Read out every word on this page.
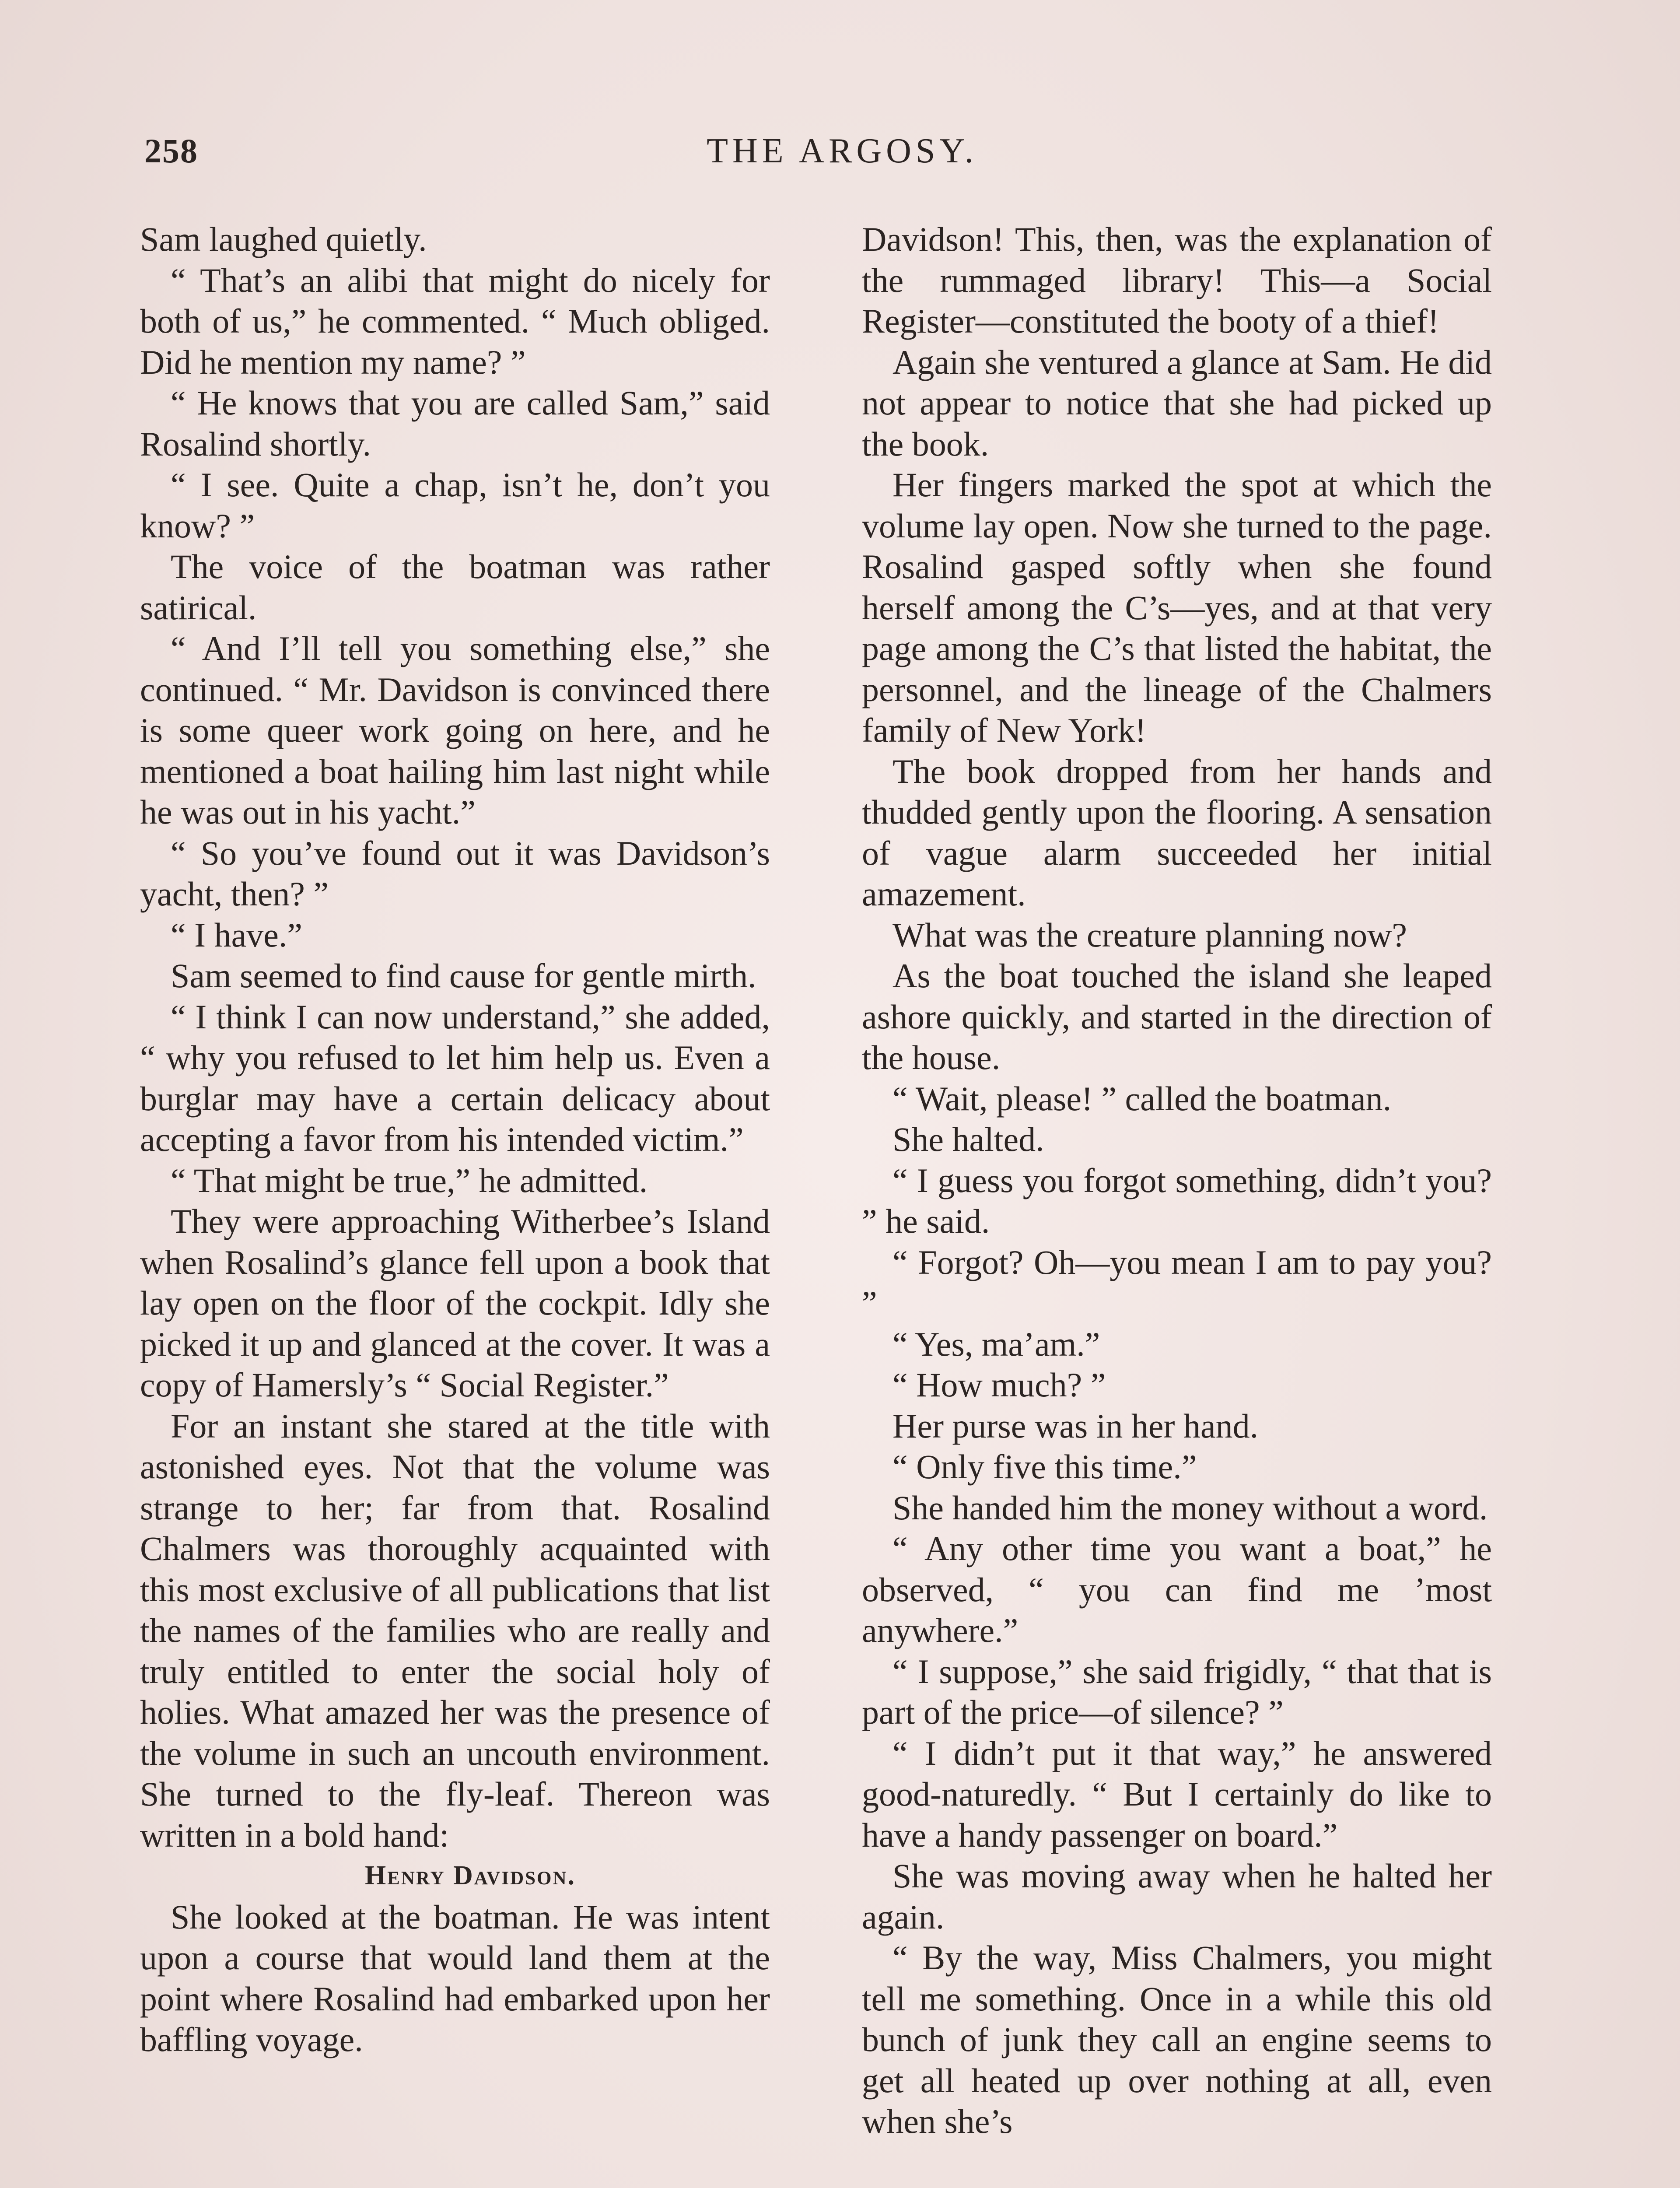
258	THE ARGOSY.

Sam laughed quietly.

“ That’s an alibi that might do nicely for both of us,” he commented. “ Much obliged. Did he mention my name? ”

“ He knows that you are called Sam,” said Rosalind shortly.

“ I see. Quite a chap, isn’t he, don’t you know? ”

The voice of the boatman was rather satirical.

“ And I’ll tell you something else,” she continued. “ Mr. Davidson is convinced there is some queer work going on here, and he mentioned a boat hailing him last night while he was out in his yacht.”

“ So you’ve found out it was Davidson’s yacht, then? ”

“ I have.”

Sam seemed to find cause for gentle mirth.

“ I think I can now understand,” she added, “ why you refused to let him help us. Even a burglar may have a certain delicacy about accepting a favor from his intended victim.”

“ That might be true,” he admitted.

They were approaching Witherbee’s Island when Rosalind’s glance fell upon a book that lay open on the floor of the cockpit. Idly she picked it up and glanced at the cover. It was a copy of Hamersly’s “ Social Register.”

For an instant she stared at the title with astonished eyes. Not that the volume was strange to her; far from that. Rosalind Chalmers was thoroughly acquainted with this most exclusive of all publications that list the names of the families who are really and truly entitled to enter the social holy of holies. What amazed her was the presence of the volume in such an uncouth environment. She turned to the fly-leaf. Thereon was written in a bold hand:

Henry Davidson.

She looked at the boatman. He was intent upon a course that would land them at the point where Rosalind had embarked upon her baffling voyage.

Davidson! This, then, was the explanation of the rummaged library! This—a Social Register—constituted the booty of a thief!

Again she ventured a glance at Sam. He did not appear to notice that she had picked up the book.

Her fingers marked the spot at which the volume lay open. Now she turned to the page. Rosalind gasped softly when she found herself among the C’s—yes, and at that very page among the C’s that listed the habitat, the personnel, and the lineage of the Chalmers family of New York!

The book dropped from her hands and thudded gently upon the flooring. A sensation of vague alarm succeeded her initial amazement.

What was the creature planning now?

As the boat touched the island she leaped ashore quickly, and started in the direction of the house.

“ Wait, please! ” called the boatman.

She halted.

“ I guess you forgot something, didn’t you? ” he said.

“ Forgot? Oh—you mean I am to pay you? ”

“ Yes, ma’am.”

“ How much? ”

Her purse was in her hand.

“ Only five this time.”

She handed him the money without a word.

“ Any other time you want a boat,” he observed, “ you can find me ’most anywhere.”

“ I suppose,” she said frigidly, “ that that is part of the price—of silence? ”

“ I didn’t put it that way,” he answered good-naturedly. “ But I certainly do like to have a handy passenger on board.”

She was moving away when he halted her again.

“ By the way, Miss Chalmers, you might tell me something. Once in a while this old bunch of junk they call an engine seems to get all heated up over nothing at all, even when she’s
